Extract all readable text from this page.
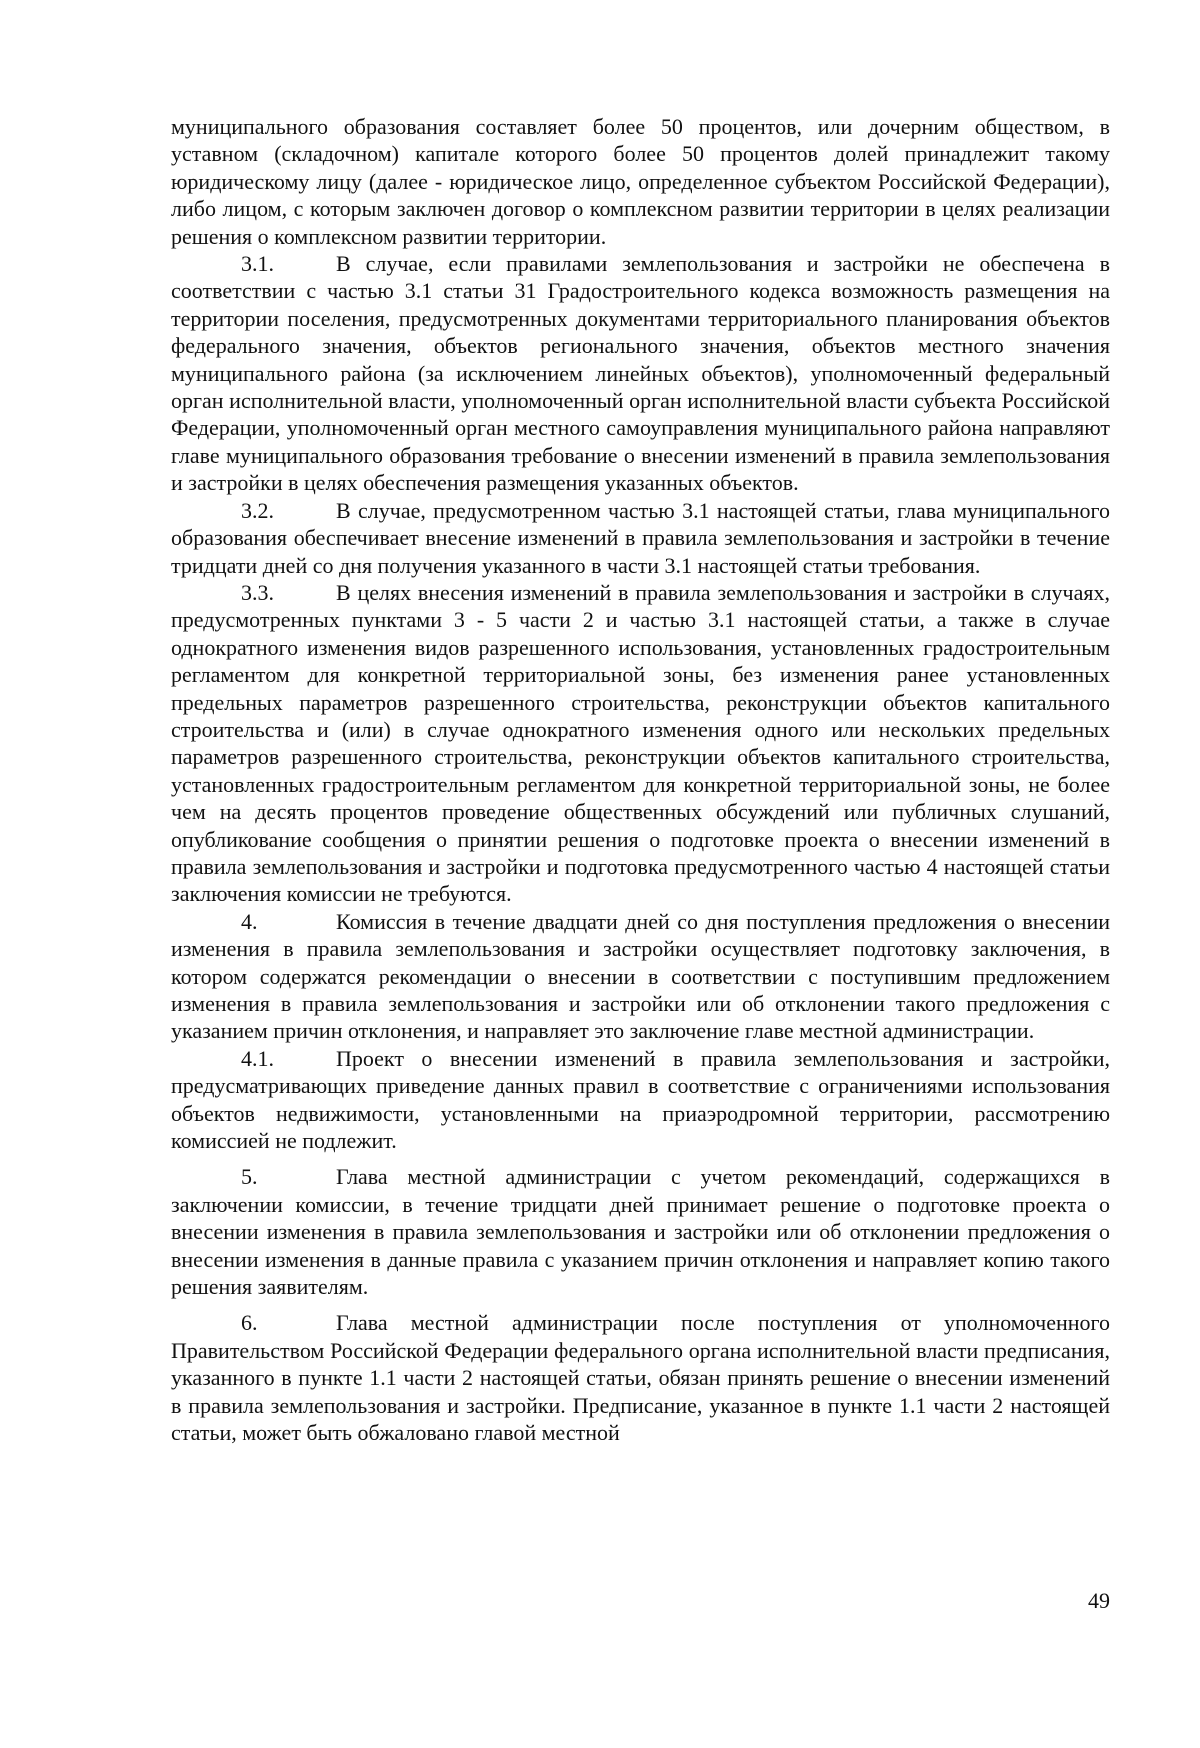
муниципального образования составляет более 50 процентов, или дочерним обществом, в уставном (складочном) капитале которого более 50 процентов долей принадлежит такому юридическому лицу (далее - юридическое лицо, определенное субъектом Российской Федерации), либо лицом, с которым заключен договор о комплексном развитии территории в целях реализации решения о комплексном развитии территории.

3.1.	В случае, если правилами землепользования и застройки не обеспечена в соответствии с частью 3.1 статьи 31 Градостроительного кодекса возможность размещения на территории поселения, предусмотренных документами территориального планирования объектов федерального значения, объектов регионального значения, объектов местного значения муниципального района (за исключением линейных объектов), уполномоченный федеральный орган исполнительной власти, уполномоченный орган исполнительной власти субъекта Российской Федерации, уполномоченный орган местного самоуправления муниципального района направляют главе муниципального образования требование о внесении изменений в правила землепользования и застройки в целях обеспечения размещения указанных объектов.

3.2.	В случае, предусмотренном частью 3.1 настоящей статьи, глава муниципального образования обеспечивает внесение изменений в правила землепользования и застройки в течение тридцати дней со дня получения указанного в части 3.1 настоящей статьи требования.

3.3.	В целях внесения изменений в правила землепользования и застройки в случаях, предусмотренных пунктами 3 - 5 части 2 и частью 3.1 настоящей статьи, а также в случае однократного изменения видов разрешенного использования, установленных градостроительным регламентом для конкретной территориальной зоны, без изменения ранее установленных предельных параметров разрешенного строительства, реконструкции объектов капитального строительства и (или) в случае однократного изменения одного или нескольких предельных параметров разрешенного строительства, реконструкции объектов капитального строительства, установленных градостроительным регламентом для конкретной территориальной зоны, не более чем на десять процентов проведение общественных обсуждений или публичных слушаний, опубликование сообщения о принятии решения о подготовке проекта о внесении изменений в правила землепользования и застройки и подготовка предусмотренного частью 4 настоящей статьи заключения комиссии не требуются.

4.	Комиссия в течение двадцати дней со дня поступления предложения о внесении изменения в правила землепользования и застройки осуществляет подготовку заключения, в котором содержатся рекомендации о внесении в соответствии с поступившим предложением изменения в правила землепользования и застройки или об отклонении такого предложения с указанием причин отклонения, и направляет это заключение главе местной администрации.

4.1.	Проект о внесении изменений в правила землепользования и застройки, предусматривающих приведение данных правил в соответствие с ограничениями использования объектов недвижимости, установленными на приаэродромной территории, рассмотрению комиссией не подлежит.

5.	Глава местной администрации с учетом рекомендаций, содержащихся в заключении комиссии, в течение тридцати дней принимает решение о подготовке проекта о внесении изменения в правила землепользования и застройки или об отклонении предложения о внесении изменения в данные правила с указанием причин отклонения и направляет копию такого решения заявителям.

6.	Глава местной администрации после поступления от уполномоченного Правительством Российской Федерации федерального органа исполнительной власти предписания, указанного в пункте 1.1 части 2 настоящей статьи, обязан принять решение о внесении изменений в правила землепользования и застройки. Предписание, указанное в пункте 1.1 части 2 настоящей статьи, может быть обжаловано главой местной

49
